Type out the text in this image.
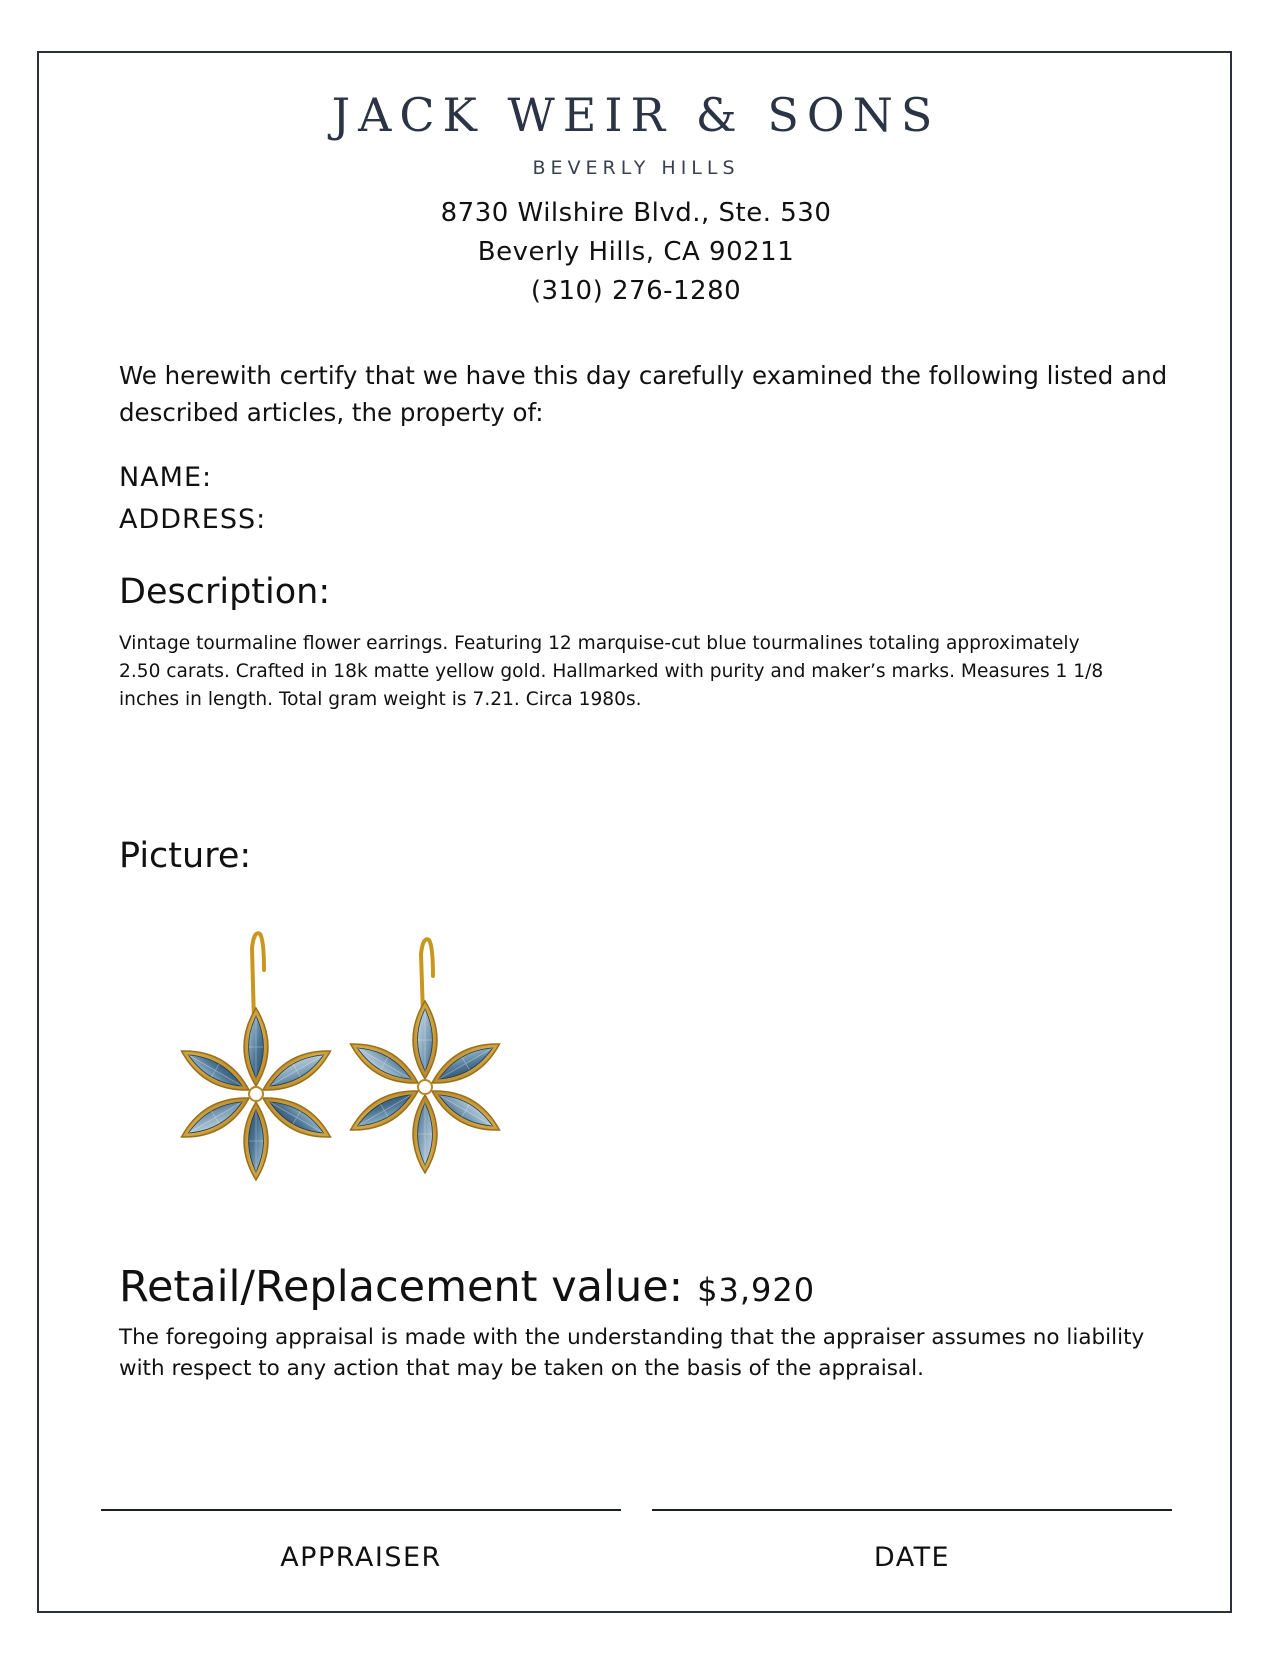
JACK WEIR & SONS
BEVERLY HILLS
8730 Wilshire Blvd., Ste. 530
Beverly Hills, CA 90211
(310) 276-1280
We herewith certify that we have this day carefully examined the following listed and described articles, the property of:
NAME:
ADDRESS:
Description:
Vintage tourmaline flower earrings. Featuring 12 marquise-cut blue tourmalines totaling approximately 2.50 carats. Crafted in 18k matte yellow gold. Hallmarked with purity and maker’s marks. Measures 1 1/8 inches in length. Total gram weight is 7.21. Circa 1980s.
Picture:
Retail/Replacement value: $3,920
The foregoing appraisal is made with the understanding that the appraiser assumes no liability with respect to any action that may be taken on the basis of the appraisal.
APPRAISER	DATE
